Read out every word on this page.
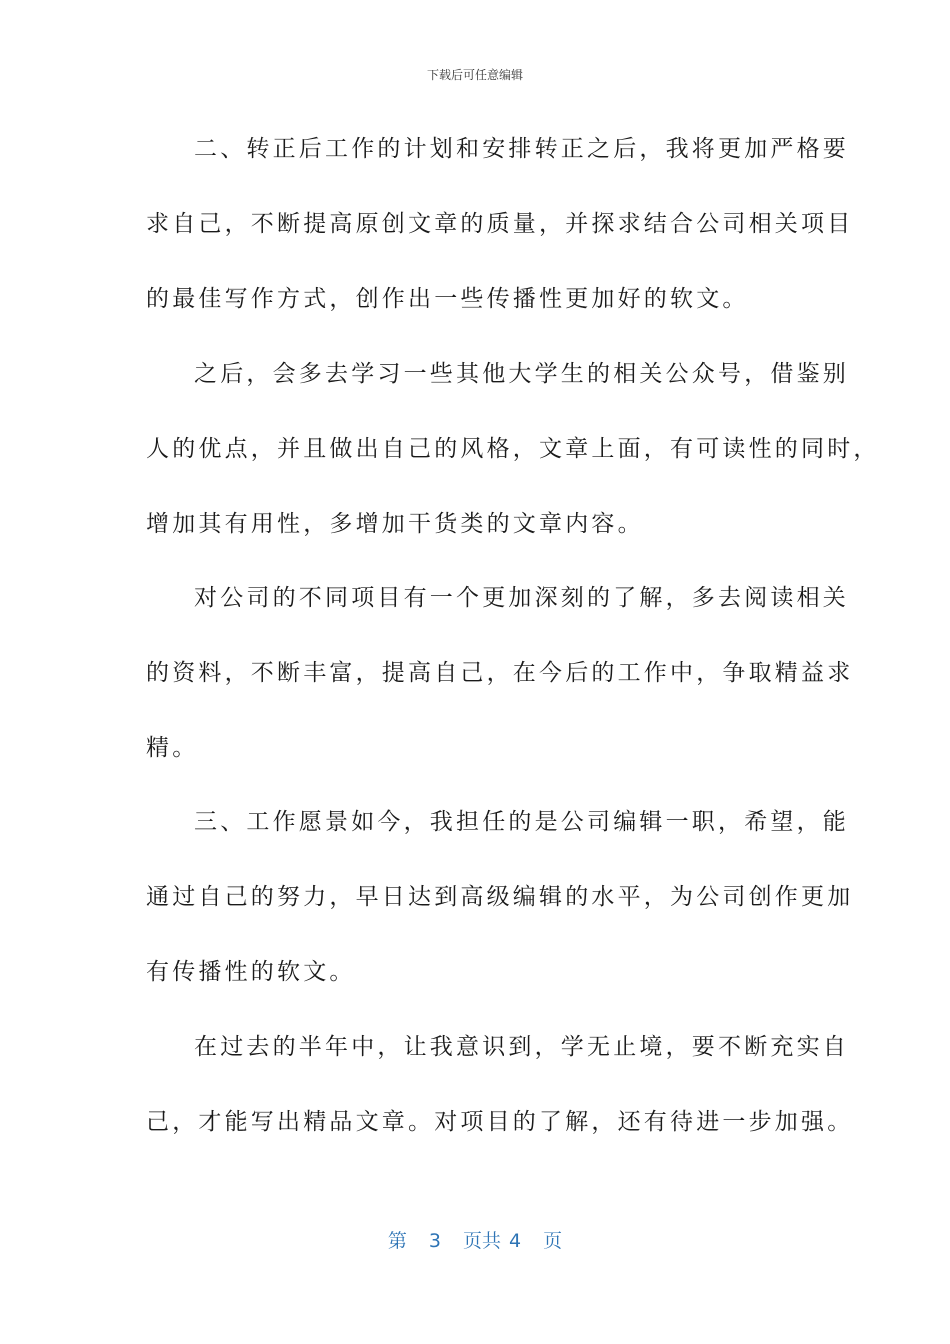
下载后可任意编辑
二、转正后工作的计划和安排转正之后，我将更加严格要
求自己，不断提高原创文章的质量，并探求结合公司相关项目
的最佳写作方式，创作出一些传播性更加好的软文。
之后，会多去学习一些其他大学生的相关公众号，借鉴别
人的优点，并且做出自己的风格，文章上面，有可读性的同时，
增加其有用性，多增加干货类的文章内容。
对公司的不同项目有一个更加深刻的了解，多去阅读相关
的资料，不断丰富，提高自己，在今后的工作中，争取精益求
精。
三、工作愿景如今，我担任的是公司编辑一职，希望，能
通过自己的努力，早日达到高级编辑的水平，为公司创作更加
有传播性的软文。
在过去的半年中，让我意识到，学无止境，要不断充实自
己，才能写出精品文章。对项目的了解，还有待进一步加强。
第 3 页共 4 页
